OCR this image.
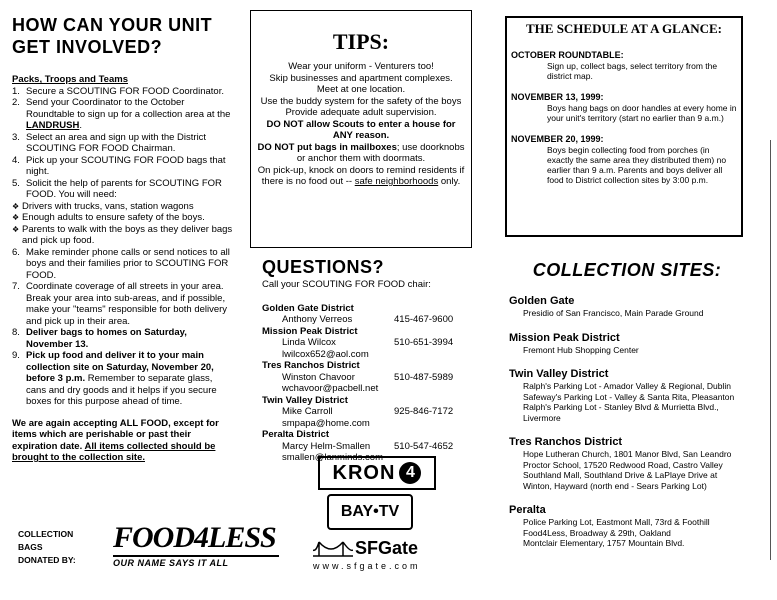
HOW CAN YOUR UNIT
GET INVOLVED?
Packs, Troops and Teams
1. Secure a SCOUTING FOR FOOD Coordinator.
2. Send your Coordinator to the October Roundtable to sign up for a collection area at the LANDRUSH.
3. Select an area and sign up with the District SCOUTING FOR FOOD Chairman.
4. Pick up your SCOUTING FOR FOOD bags that night.
5. Solicit the help of parents for SCOUTING FOR FOOD. You will need:
❖ Drivers with trucks, vans, station wagons
❖ Enough adults to ensure safety of the boys.
❖ Parents to walk with the boys as they deliver bags and pick up food.
6. Make reminder phone calls or send notices to all boys and their families prior to SCOUTING FOR FOOD.
7. Coordinate coverage of all streets in your area. Break your area into sub-areas, and if possible, make your "teams" responsible for both delivery and pick up in their area.
8. Deliver bags to homes on Saturday, November 13.
9. Pick up food and deliver it to your main collection site on Saturday, November 20, before 3 p.m. Remember to separate glass, cans and dry goods and it helps if you secure boxes for this purpose ahead of time.
We are again accepting ALL FOOD, except for items which are perishable or past their expiration date. All items collected should be brought to the collection site.
COLLECTION
BAGS
DONATED BY:
FOOD4LESS
OUR NAME SAYS IT ALL
TIPS:
Wear your uniform - Venturers too!
Skip businesses and apartment complexes.
Meet at one location.
Use the buddy system for the safety of the boys
Provide adequate adult supervision.
DO NOT allow Scouts to enter a house for ANY reason.
DO NOT put bags in mailboxes; use doorknobs or anchor them with doormats.
On pick-up, knock on doors to remind residents if there is no food out -- safe neighborhoods only.
QUESTIONS?
Call your SCOUTING FOR FOOD chair:
Golden Gate District
Anthony Verreos	415-467-9600
Mission Peak District
Linda Wilcox	510-651-3994
lwilcox652@aol.com
Tres Ranchos District
Winston Chavoor	510-487-5989
wchavoor@pacbell.net
Twin Valley District
Mike Carroll	925-846-7172
smpapa@home.com
Peralta District
Marcy Helm-Smallen	510-547-4652
smallen@lanminds.com
KRON 4
BAY•TV
SFGate
www.sfgate.com
THE SCHEDULE AT A GLANCE:
OCTOBER ROUNDTABLE:
Sign up, collect bags, select territory from the district map.
NOVEMBER 13, 1999:
Boys hang bags on door handles at every home in your unit's territory (start no earlier than 9 a.m.)
NOVEMBER 20, 1999:
Boys begin collecting food from porches (in exactly the same area they distributed them) no earlier than 9 a.m. Parents and boys deliver all food to District collection sites by 3:00 p.m.
COLLECTION SITES:
Golden Gate
Presidio of San Francisco, Main Parade Ground
Mission Peak District
Fremont Hub Shopping Center
Twin Valley District
Ralph's Parking Lot - Amador Valley & Regional, Dublin
Safeway's Parking Lot - Valley & Santa Rita, Pleasanton
Ralph's Parking Lot - Stanley Blvd & Murrietta Blvd., Livermore
Tres Ranchos District
Hope Lutheran Church, 1801 Manor Blvd, San Leandro
Proctor School, 17520 Redwood Road, Castro Valley
Southland Mall, Southland Drive & LaPlaye Drive at Winton, Hayward (north end - Sears Parking Lot)
Peralta
Police Parking Lot, Eastmont Mall, 73rd & Foothill
Food4Less, Broadway & 29th, Oakland
Montclair Elementary, 1757 Mountain Blvd.
